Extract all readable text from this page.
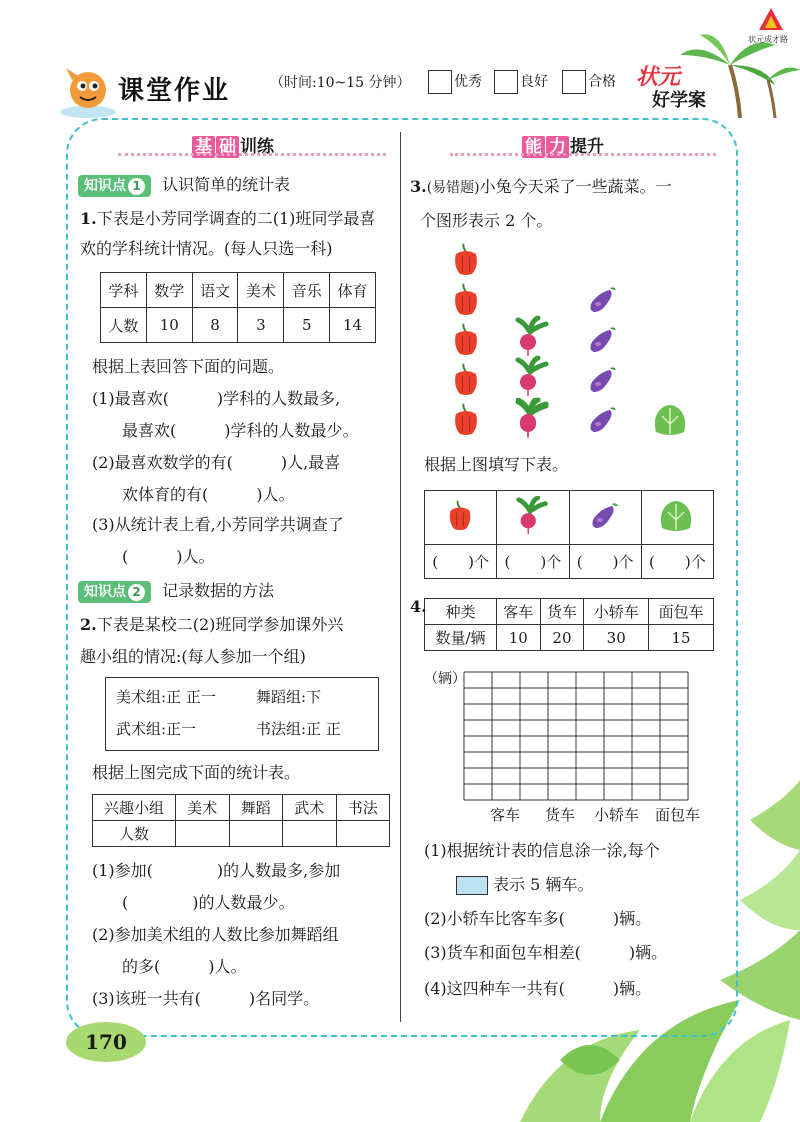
课堂作业	（时间:10~15 分钟）	优秀	良好	合格 状元
好学案
状元成才路
基 础 训练
知识点 1 认识简单的统计表
1.下表是小芳同学调查的二(1)班同学最喜
欢的学科统计情况。(每人只选一科)
学科	数学	语文	美术	音乐	体育
人数	10	8	3	5	14
根据上表回答下面的问题。
(1)最喜欢(　　　)学科的人数最多,
最喜欢(　　　)学科的人数最少。
(2)最喜欢数学的有(　　　)人,最喜
欢体育的有(　　　)人。
(3)从统计表上看,小芳同学共调查了
(　　　)人。
知识点 2 记录数据的方法
2.下表是某校二(2)班同学参加课外兴
趣小组的情况:(每人参加一个组)
美术组:正 正一	舞蹈组:下
武术组:正一	书法组:正 正
根据上图完成下面的统计表。
兴趣小组	美术	舞蹈	武术	书法
人数				
(1)参加(　　　　)的人数最多,参加
(　　　　)的人数最少。
(2)参加美术组的人数比参加舞蹈组
的多(　　　)人。
(3)该班一共有(　　　)名同学。
能 力 提升
3.(易错题)小兔今天采了一些蔬菜。一
个图形表示 2 个。
根据上图填写下表。

(　　)个	(　　)个	(　　)个	(　　)个
4. 种类	客车	货车	小轿车	面包车
数量/辆	10	20	30	15
（辆）
客车 货车 小轿车 面包车
(1)根据统计表的信息涂一涂,每个
表示 5 辆车。
(2)小轿车比客车多(　　　)辆。
(3)货车和面包车相差(　　　)辆。
(4)这四种车一共有(　　　)辆。
170
